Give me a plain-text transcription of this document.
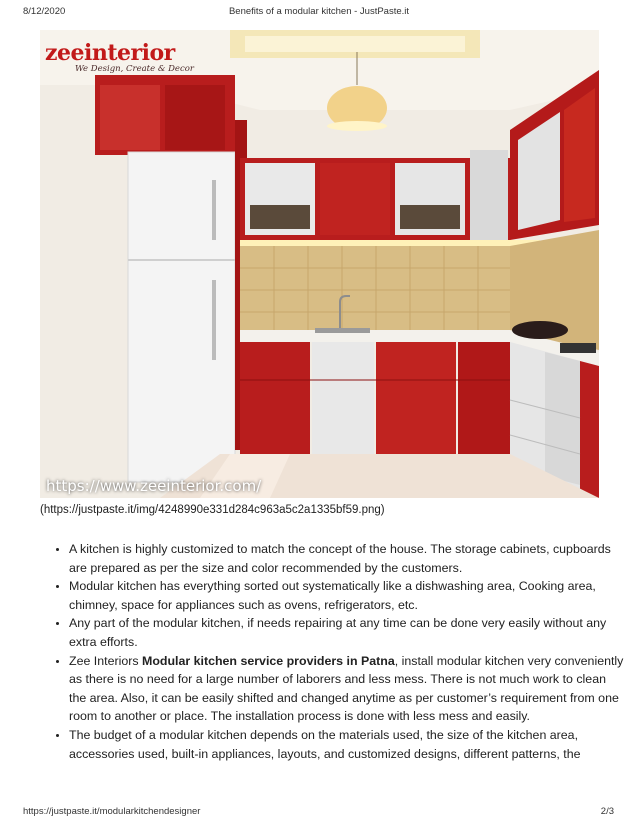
8/12/2020	Benefits of a modular kitchen - JustPaste.it
zeeinterior
We Design, Create & Decor
https://www.zeeinterior.com/
(https://justpaste.it/img/4248990e331d284c963a5c2a1335bf59.png)
• A kitchen is highly customized to match the concept of the house. The storage cabinets, cupboards are prepared as per the size and color recommended by the customers.
• Modular kitchen has everything sorted out systematically like a dishwashing area, Cooking area, chimney, space for appliances such as ovens, refrigerators, etc.
• Any part of the modular kitchen, if needs repairing at any time can be done very easily without any extra efforts.
• Zee Interiors Modular kitchen service providers in Patna, install modular kitchen very conveniently as there is no need for a large number of laborers and less mess. There is not much work to clean the area. Also, it can be easily shifted and changed anytime as per customer’s requirement from one room to another or place. The installation process is done with less mess and easily.
• The budget of a modular kitchen depends on the materials used, the size of the kitchen area, accessories used, built-in appliances, layouts, and customized designs, different patterns, the
https://justpaste.it/modularkitchendesigner	2/3
